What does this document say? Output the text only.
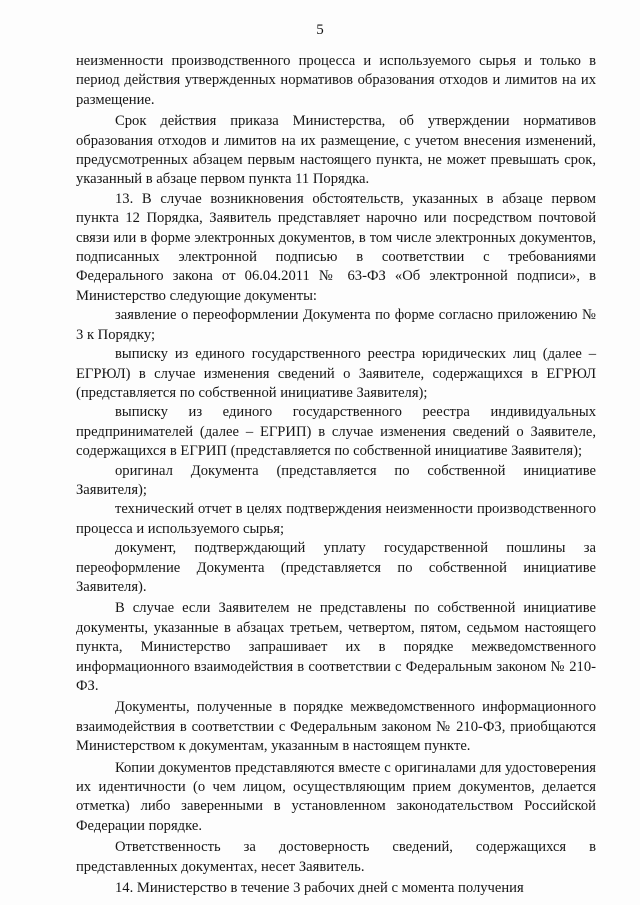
5

неизменности производственного процесса и используемого сырья и только в период действия утвержденных нормативов образования отходов и лимитов на их размещение.

Срок действия приказа Министерства, об утверждении нормативов образования отходов и лимитов на их размещение, с учетом внесения изменений, предусмотренных абзацем первым настоящего пункта, не может превышать срок, указанный в абзаце первом пункта 11 Порядка.

13. В случае возникновения обстоятельств, указанных в абзаце первом пункта 12 Порядка, Заявитель представляет нарочно или посредством почтовой связи или в форме электронных документов, в том числе электронных документов, подписанных электронной подписью в соответствии с требованиями Федерального закона от 06.04.2011 № 63-ФЗ «Об электронной подписи», в Министерство следующие документы:

заявление о переоформлении Документа по форме согласно приложению № 3 к Порядку;

выписку из единого государственного реестра юридических лиц (далее – ЕГРЮЛ) в случае изменения сведений о Заявителе, содержащихся в ЕГРЮЛ (представляется по собственной инициативе Заявителя);

выписку из единого государственного реестра индивидуальных предпринимателей (далее – ЕГРИП) в случае изменения сведений о Заявителе, содержащихся в ЕГРИП (представляется по собственной инициативе Заявителя);

оригинал Документа (представляется по собственной инициативе Заявителя);

технический отчет в целях подтверждения неизменности производственного процесса и используемого сырья;

документ, подтверждающий уплату государственной пошлины за переоформление Документа (представляется по собственной инициативе Заявителя).

В случае если Заявителем не представлены по собственной инициативе документы, указанные в абзацах третьем, четвертом, пятом, седьмом настоящего пункта, Министерство запрашивает их в порядке межведомственного информационного взаимодействия в соответствии с Федеральным законом № 210-ФЗ.

Документы, полученные в порядке межведомственного информационного взаимодействия в соответствии с Федеральным законом № 210-ФЗ, приобщаются Министерством к документам, указанным в настоящем пункте.

Копии документов представляются вместе с оригиналами для удостоверения их идентичности (о чем лицом, осуществляющим прием документов, делается отметка) либо заверенными в установленном законодательством Российской Федерации порядке.

Ответственность за достоверность сведений, содержащихся в представленных документах, несет Заявитель.

14. Министерство в течение 3 рабочих дней с момента получения
